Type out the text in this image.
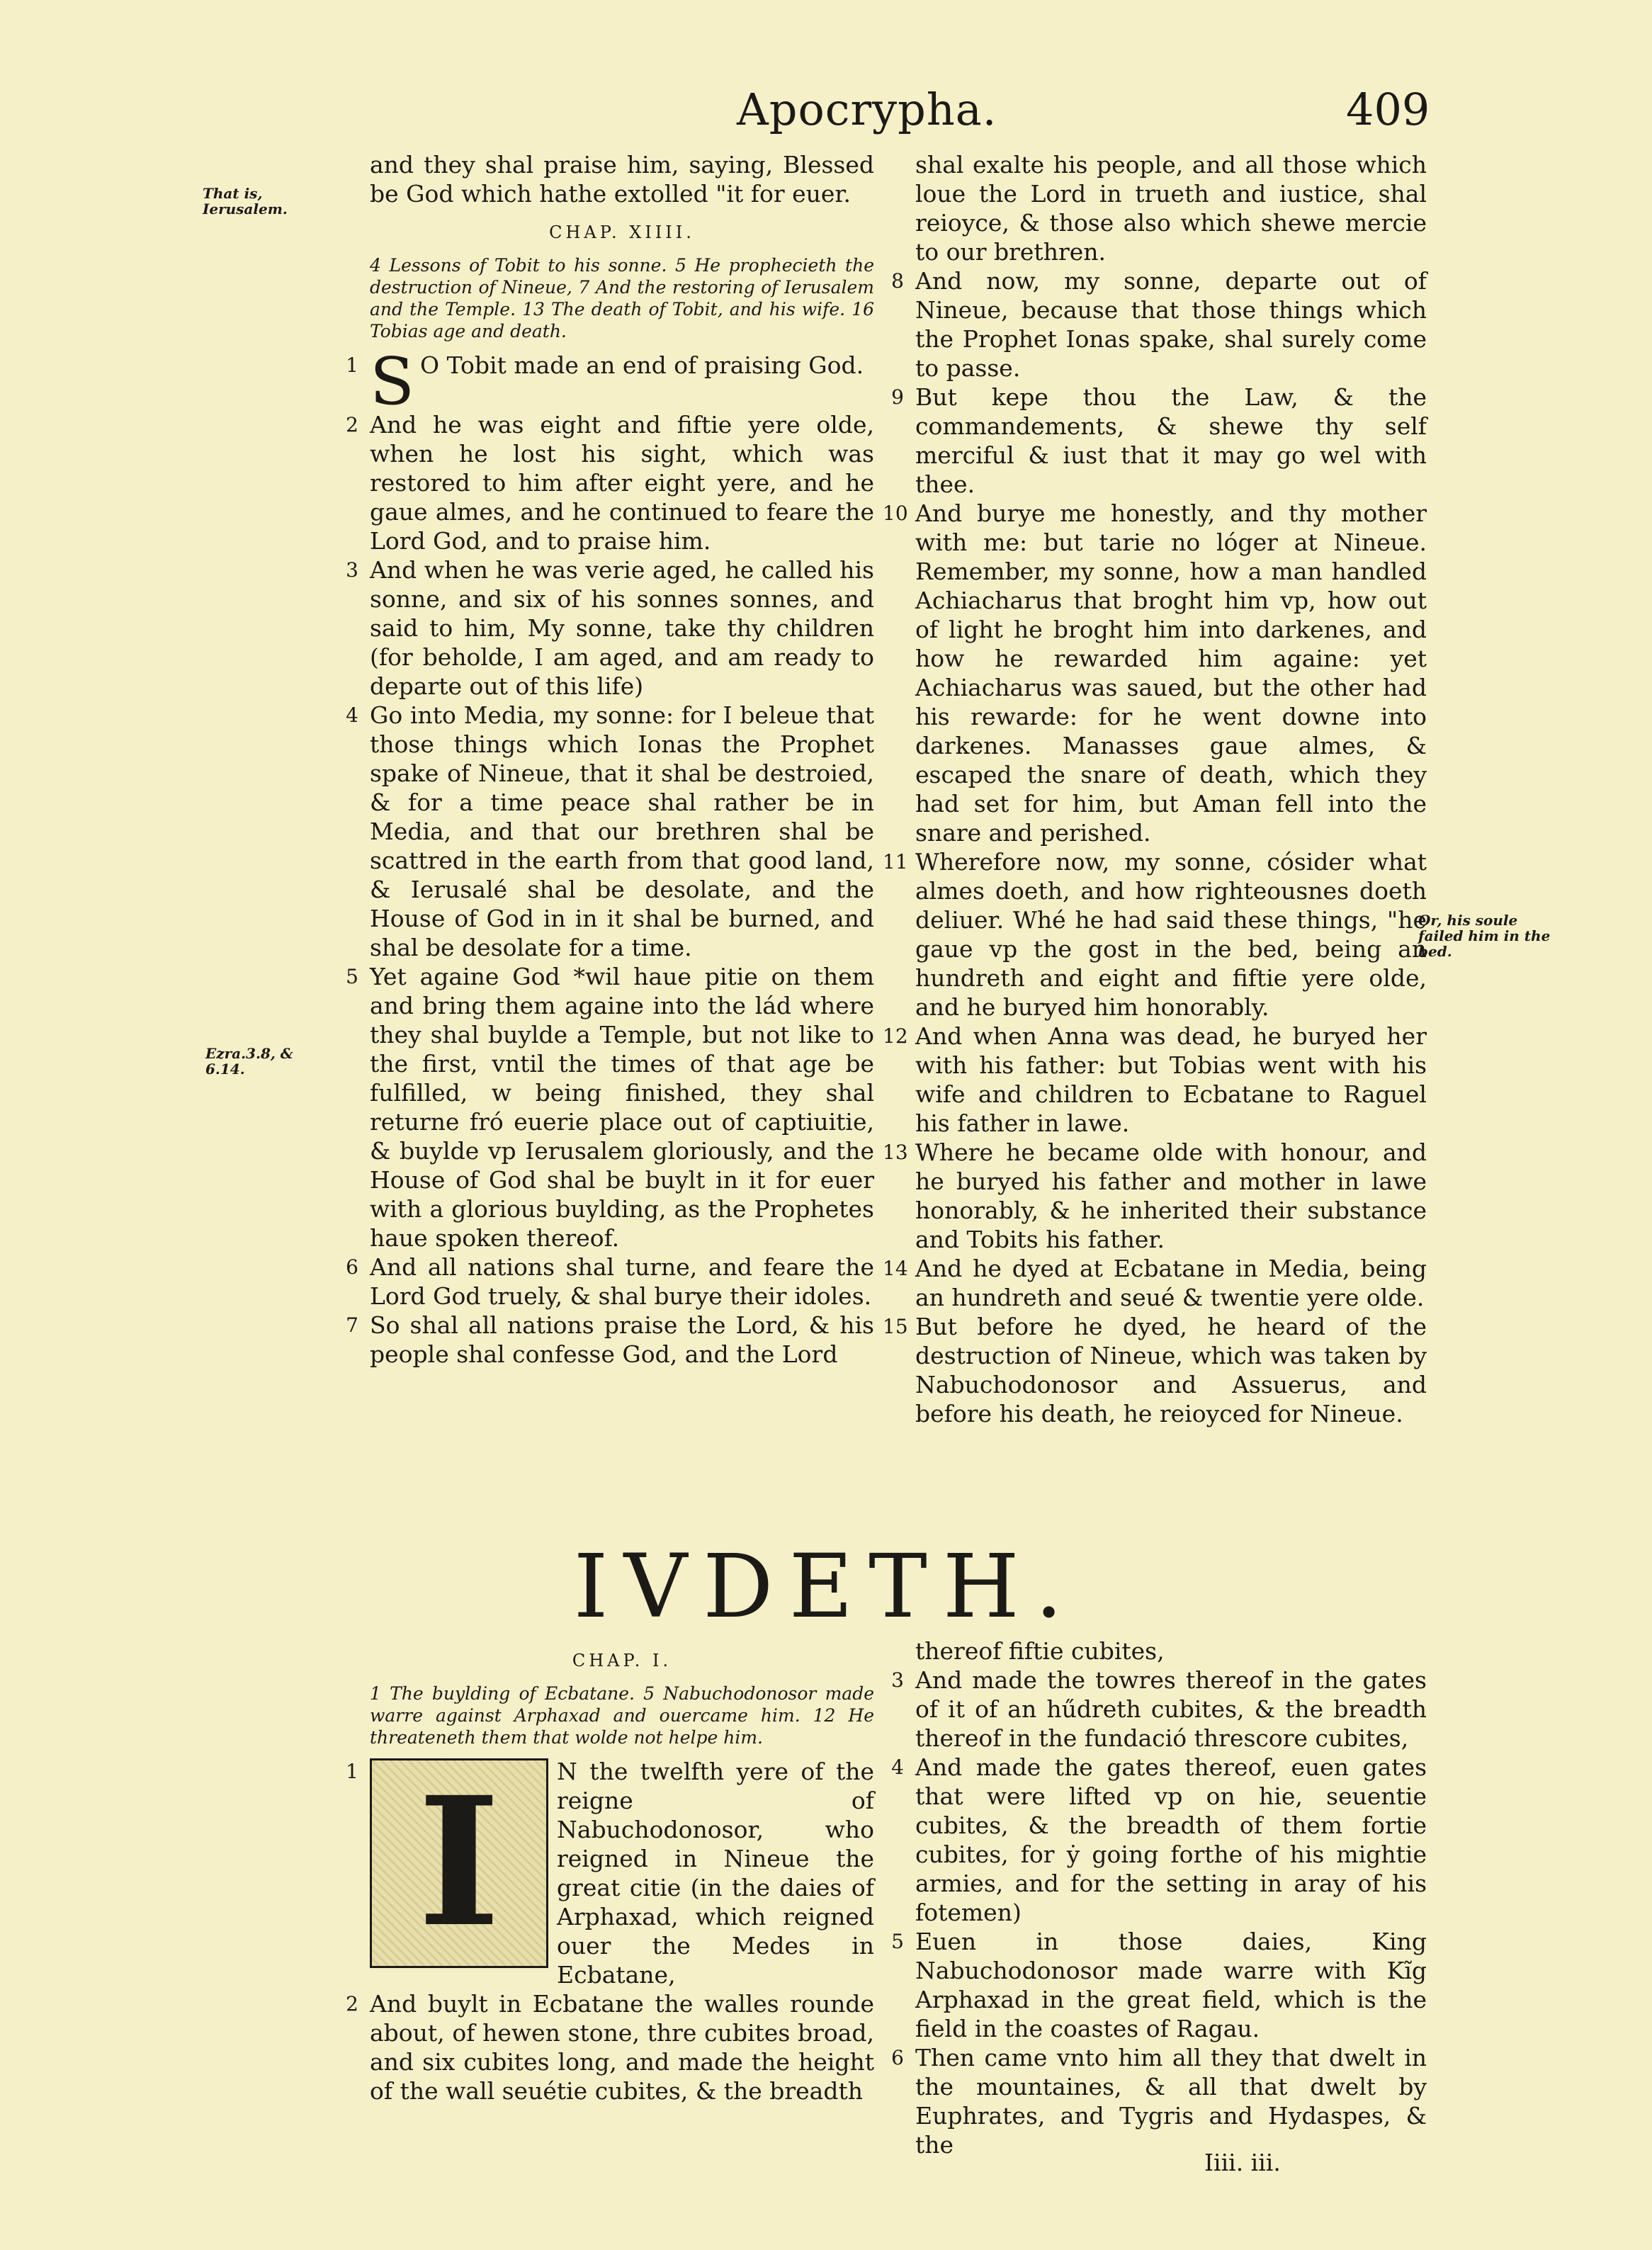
Apocrypha.	409
That is, Ierusalem.
Ezra.3.8, & 6.14.
Or, his soule failed him in the bed.

and they shal praise him, saying, Blessed be God which hathe extolled "it for euer.

CHAP. XIIII.

4 Lessons of Tobit to his sonne. 5 He prophecieth the destruction of Nineue, 7 And the restoring of Ierusalem and the Temple. 13 The death of Tobit, and his wife. 16 Tobias age and death.

1 S O Tobit made an end of praising God.

2 And he was eight and fiftie yere olde, when he lost his sight, which was restored to him after eight yere, and he gaue almes, and he continued to feare the Lord God, and to praise him.

3 And when he was verie aged, he called his sonne, and six of his sonnes sonnes, and said to him, My sonne, take thy children (for beholde, I am aged, and am ready to departe out of this life)

4 Go into Media, my sonne: for I beleue that those things which Ionas the Prophet spake of Nineue, that it shal be destroied, & for a time peace shal rather be in Media, and that our brethren shal be scattred in the earth from that good land, & Ierusalé shal be desolate, and the House of God in in it shal be burned, and shal be desolate for a time.

5 Yet againe God *wil haue pitie on them and bring them againe into the lád where they shal buylde a Temple, but not like to the first, vntil the times of that age be fulfilled, w being finished, they shal returne fró euerie place out of captiuitie, & buylde vp Ierusalem gloriously, and the House of God shal be buylt in it for euer with a glorious buylding, as the Prophetes haue spoken thereof.

6 And all nations shal turne, and feare the Lord God truely, & shal burye their idoles.

7 So shal all nations praise the Lord, & his people shal confesse God, and the Lord

shal exalte his people, and all those which loue the Lord in trueth and iustice, shal reioyce, & those also which shewe mercie to our brethren.

8 And now, my sonne, departe out of Nineue, because that those things which the Prophet Ionas spake, shal surely come to passe.

9 But kepe thou the Law, & the commandements, & shewe thy self merciful & iust that it may go wel with thee.

10 And burye me honestly, and thy mother with me: but tarie no lóger at Nineue. Remember, my sonne, how a man handled Achiacharus that broght him vp, how out of light he broght him into darkenes, and how he rewarded him againe: yet Achiacharus was saued, but the other had his rewarde: for he went downe into darkenes. Manasses gaue almes, & escaped the snare of death, which they had set for him, but Aman fell into the snare and perished.

11 Wherefore now, my sonne, cósider what almes doeth, and how righteousnes doeth deliuer. Whé he had said these things, "he gaue vp the gost in the bed, being an hundreth and eight and fiftie yere olde, and he buryed him honorably.

12 And when Anna was dead, he buryed her with his father: but Tobias went with his wife and children to Ecbatane to Raguel his father in lawe.

13 Where he became olde with honour, and he buryed his father and mother in lawe honorably, & he inherited their substance and Tobits his father.

14 And he dyed at Ecbatane in Media, being an hundreth and seué & twentie yere olde.

15 But before he dyed, he heard of the destruction of Nineue, which was taken by Nabuchodonosor and Assuerus, and before his death, he reioyced for Nineue.

IVDETH.
CHAP. I.

1 The buylding of Ecbatane. 5 Nabuchodonosor made warre against Arphaxad and ouercame him. 12 He threateneth them that wolde not helpe him.

1 I	N the twelfth yere of the reigne of Nabuchodonosor, who reigned in Nineue the great citie (in the daies of Arphaxad, which reigned ouer the Medes in Ecbatane,

2 And buylt in Ecbatane the walles rounde about, of hewen stone, thre cubites broad, and six cubites long, and made the height of the wall seuétie cubites, & the breadth

thereof fiftie cubites,

3 And made the towres thereof in the gates of it of an hűdreth cubites, & the breadth thereof in the fundació threscore cubites,

4 And made the gates thereof, euen gates that were lifted vp on hie, seuentie cubites, & the breadth of them fortie cubites, for ẏ going forthe of his mightie armies, and for the setting in aray of his fotemen)

5 Euen in those daies, King Nabuchodonosor made warre with Kĩg Arphaxad in the great field, which is the field in the coastes of Ragau.

6 Then came vnto him all they that dwelt in the mountaines, & all that dwelt by Euphrates, and Tygris and Hydaspes, & the

Iiii. iii.
